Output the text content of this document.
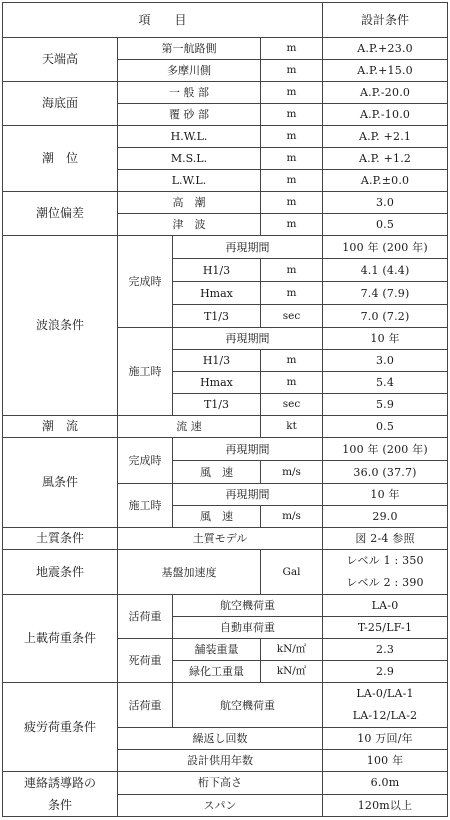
項　　目				設計条件
天端高	第一航路側		m	A.P.+23.0
	多摩川側		m	A.P.+15.0
海底面	一 般 部		m	A.P.-20.0
	覆 砂 部		m	A.P.-10.0
潮　位	H.W.L.		m	A.P. +2.1
	M.S.L.		m	A.P. +1.2
	L.W.L.		m	A.P.±0.0
潮位偏差	高　潮		m	3.0
	津　波		m	0.5
波浪条件	完成時	再現期間		100 年 (200 年)
		H1/3	m	4.1 (4.4)
		Hmax	m	7.4 (7.9)
		T1/3	sec	7.0 (7.2)
	施工時	再現期間		10 年
		H1/3	m	3.0
		Hmax	m	5.4
		T1/3	sec	5.9
潮　流	流 速		kt	0.5
風条件	完成時	再現期間		100 年 (200 年)
		風　速	m/s	36.0 (37.7)
	施工時	再現期間		10 年
		風　速	m/s	29.0
土質条件	土質モデル			図 2-4 参照
地震条件	基盤加速度		Gal	レベル 1 : 350
レベル 2 : 390

上載荷重条件	活荷重	航空機荷重		LA-0
		自動車荷重		T-25/LF-1
	死荷重	舗装重量	kN/㎡	2.3
		緑化工重量	kN/㎡	2.9
疲労荷重条件	活荷重	航空機荷重		LA-0/LA-1
LA-12/LA-2

	繰返し回数			10 万回/年
	設計供用年数			100 年

連絡誘導路の
条件	桁下高さ			6.0m
	スパン			120m以上
